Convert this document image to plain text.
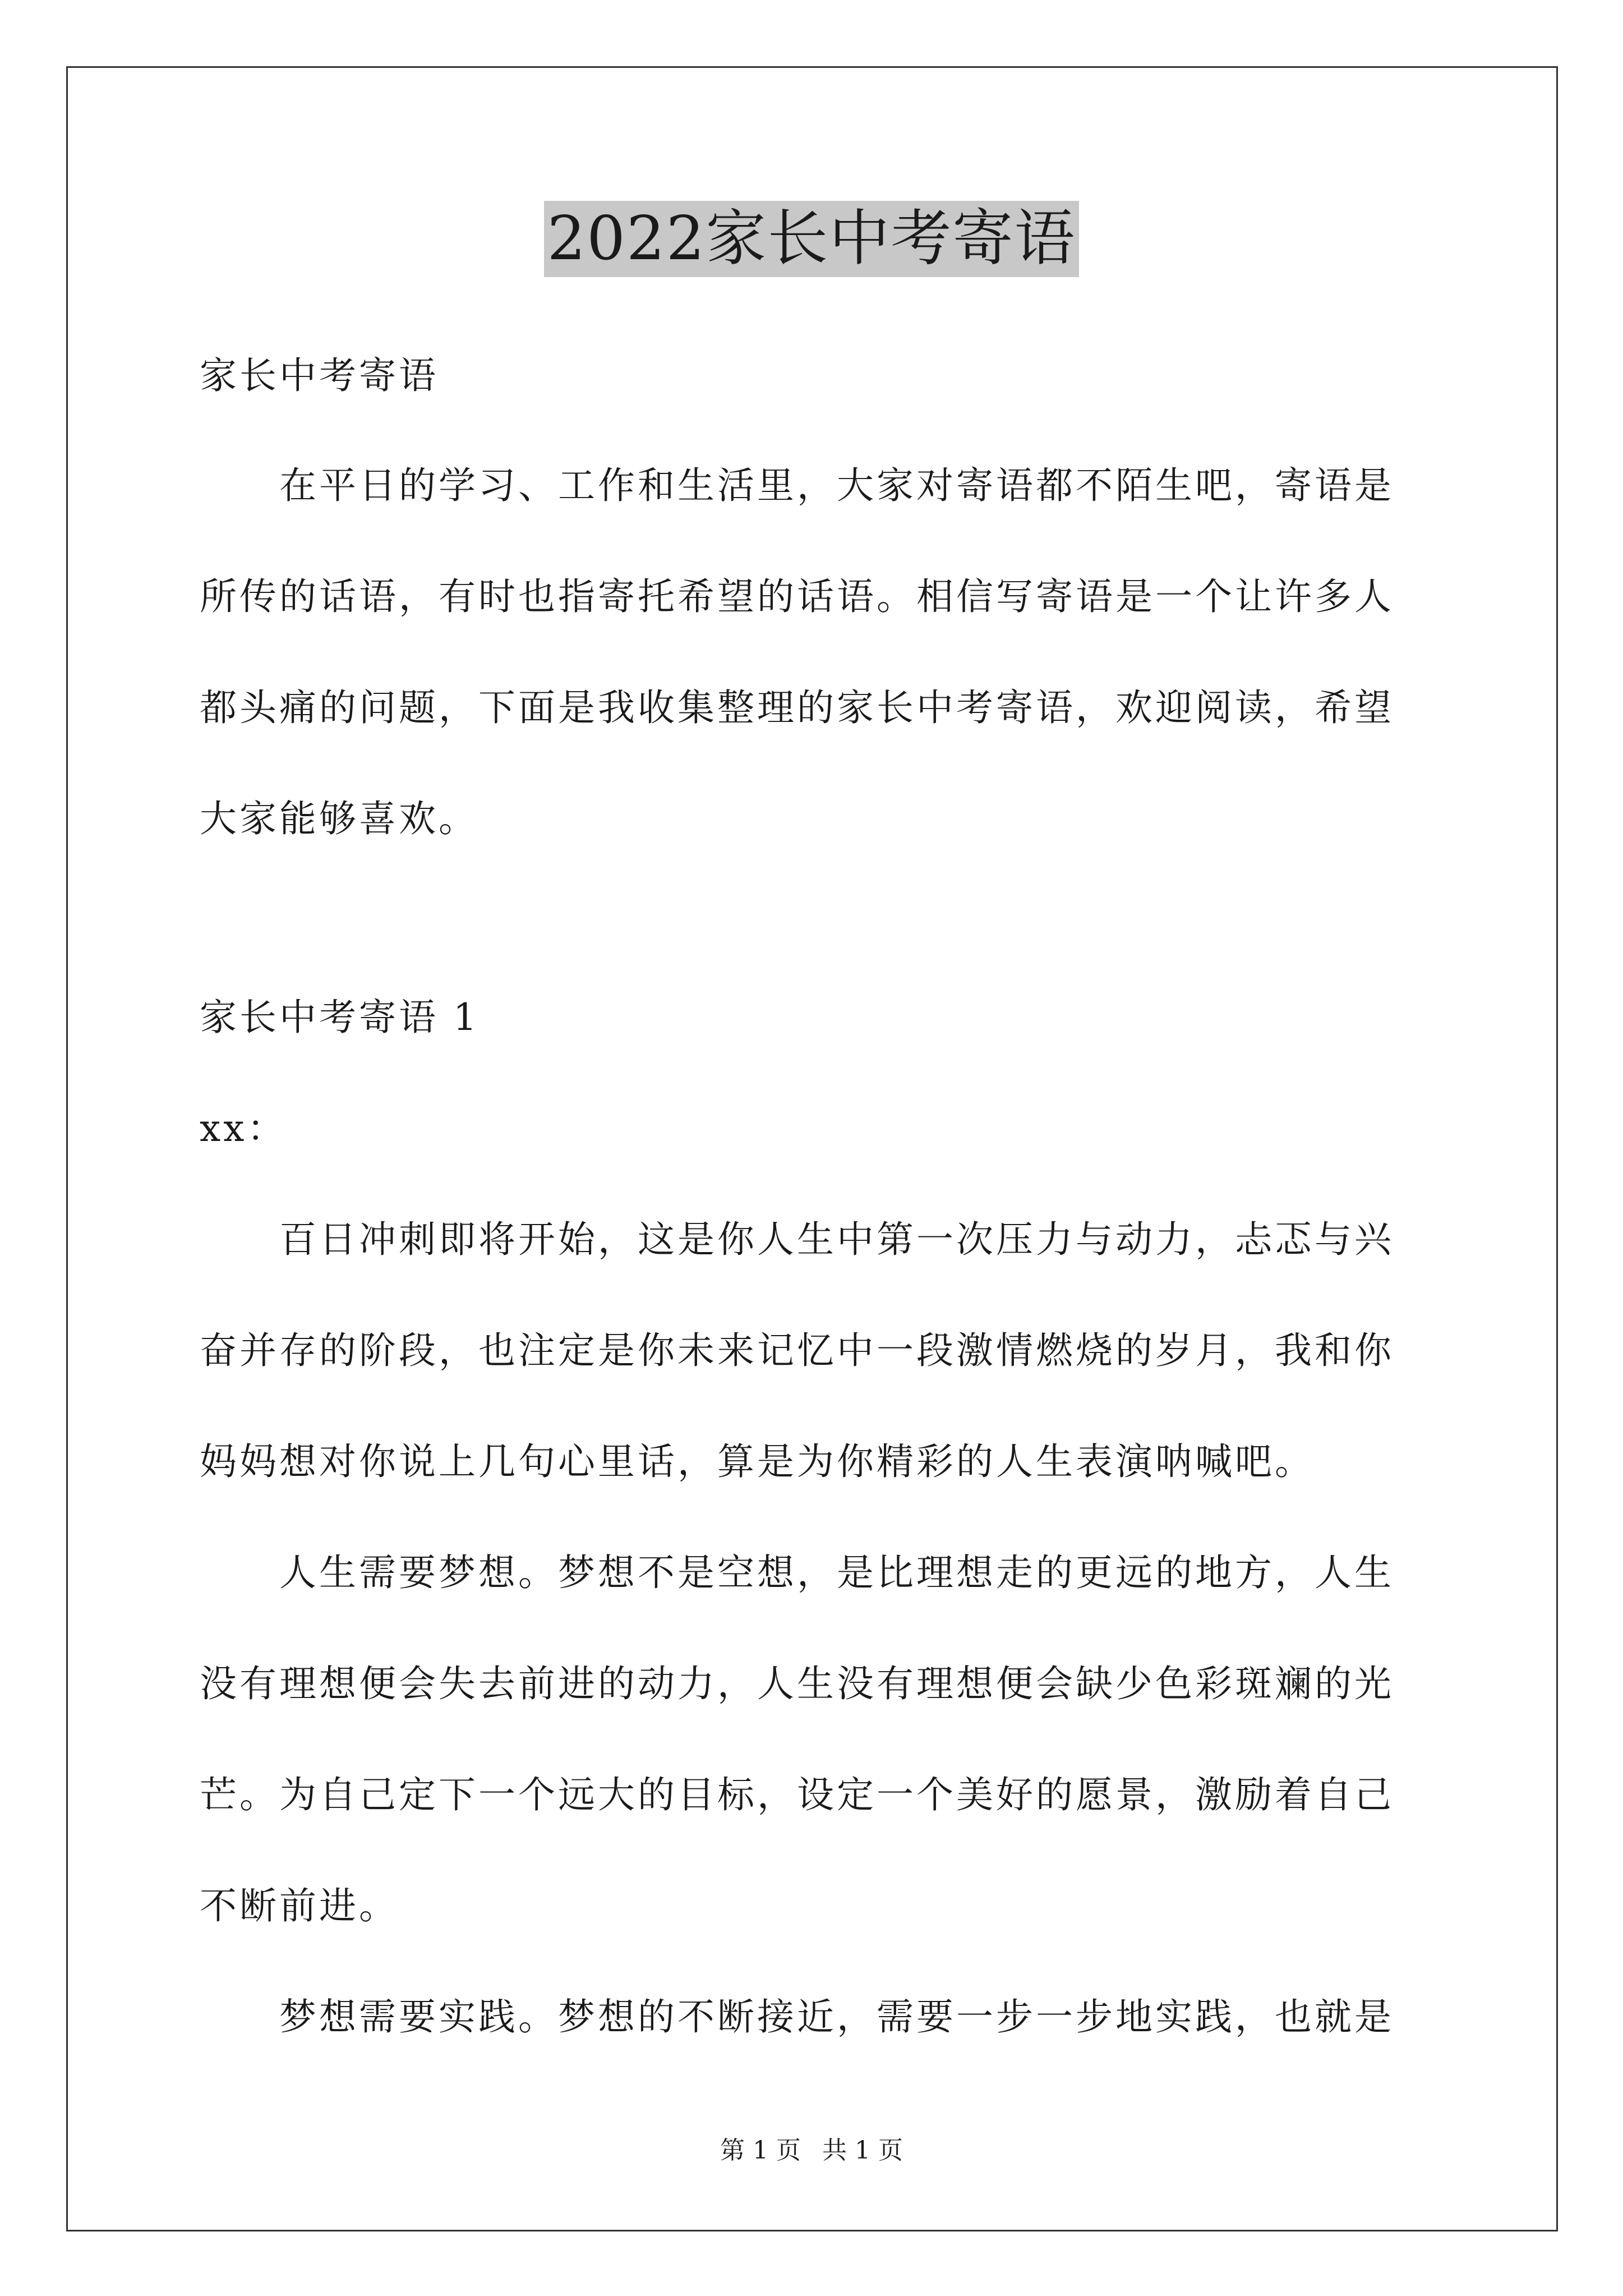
2022家长中考寄语
家长中考寄语
　　在平日的学习、工作和生活里，大家对寄语都不陌生吧，寄语是
所传的话语，有时也指寄托希望的话语。相信写寄语是一个让许多人
都头痛的问题，下面是我收集整理的家长中考寄语，欢迎阅读，希望
大家能够喜欢。
家长中考寄语 1
xx：
　　百日冲刺即将开始，这是你人生中第一次压力与动力，忐忑与兴
奋并存的阶段，也注定是你未来记忆中一段激情燃烧的岁月，我和你
妈妈想对你说上几句心里话，算是为你精彩的人生表演呐喊吧。
　　人生需要梦想。梦想不是空想，是比理想走的更远的地方，人生
没有理想便会失去前进的动力，人生没有理想便会缺少色彩斑斓的光
芒。为自己定下一个远大的目标，设定一个美好的愿景，激励着自己
不断前进。
　　梦想需要实践。梦想的不断接近，需要一步一步地实践，也就是
第 1 页 共 1 页
